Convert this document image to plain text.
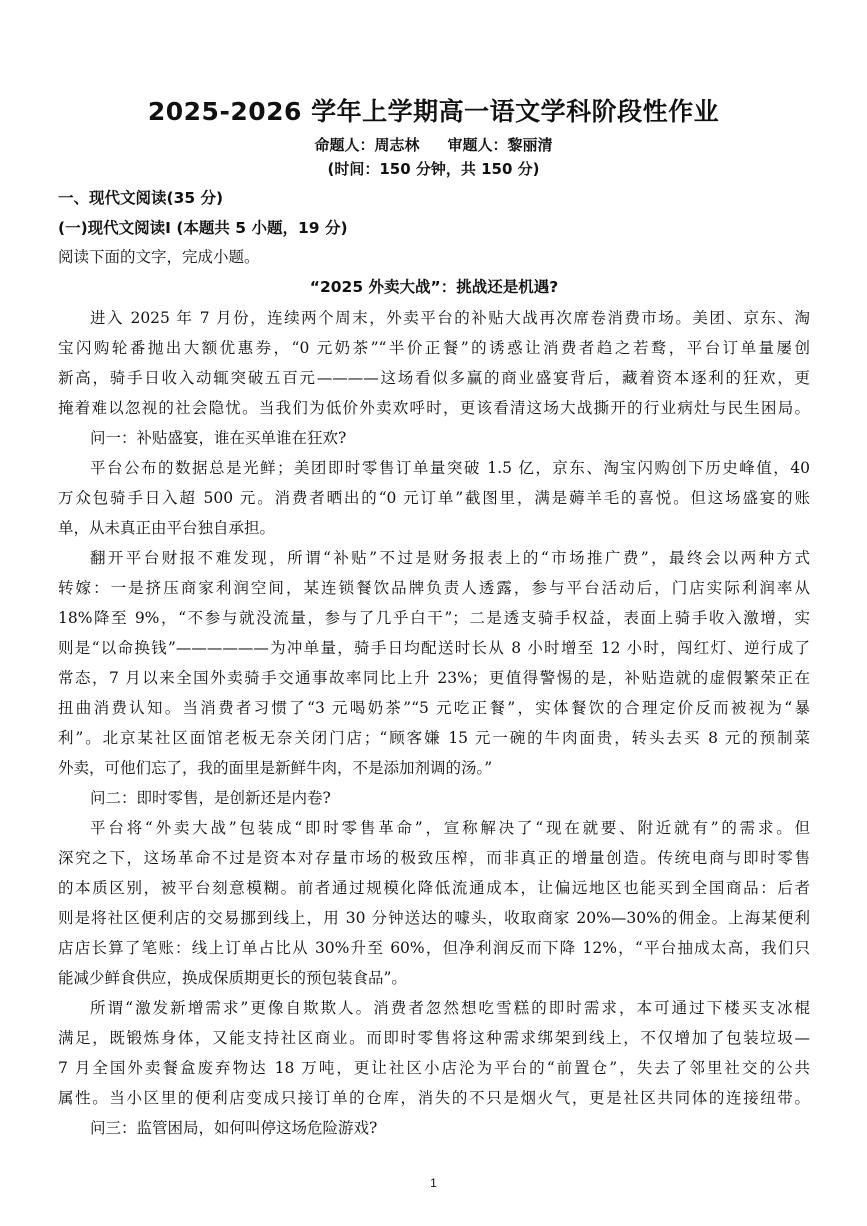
2025-2026 学年上学期高一语文学科阶段性作业
命题人：周志林 审题人：黎丽清
(时间：150 分钟，共 150 分)
一、现代文阅读(35 分)
(一)现代文阅读Ⅰ (本题共 5 小题，19 分)
阅读下面的文字，完成小题。
“2025 外卖大战”：挑战还是机遇?
进入 2025 年 7 月份，连续两个周末，外卖平台的补贴大战再次席卷消费市场。美团、京东、淘
宝闪购轮番抛出大额优惠券，“0 元奶茶”“半价正餐”的诱惑让消费者趋之若鹜，平台订单量屡创
新高，骑手日收入动辄突破五百元————这场看似多赢的商业盛宴背后，藏着资本逐利的狂欢，更
掩着难以忽视的社会隐忧。当我们为低价外卖欢呼时，更该看清这场大战撕开的行业病灶与民生困局。
问一：补贴盛宴，谁在买单谁在狂欢?
平台公布的数据总是光鲜；美团即时零售订单量突破 1.5 亿，京东、淘宝闪购创下历史峰值，40
万众包骑手日入超 500 元。消费者晒出的“0 元订单”截图里，满是薅羊毛的喜悦。但这场盛宴的账
单，从未真正由平台独自承担。
翻开平台财报不难发现，所谓“补贴”不过是财务报表上的“市场推广费”，最终会以两种方式
转嫁：一是挤压商家利润空间，某连锁餐饮品牌负责人透露，参与平台活动后，门店实际利润率从
18%降至 9%，“不参与就没流量，参与了几乎白干”；二是透支骑手权益，表面上骑手收入激增，实
则是“以命换钱”——————为冲单量，骑手日均配送时长从 8 小时增至 12 小时，闯红灯、逆行成了
常态，7 月以来全国外卖骑手交通事故率同比上升 23%；更值得警惕的是，补贴造就的虚假繁荣正在
扭曲消费认知。当消费者习惯了“3 元喝奶茶”“5 元吃正餐”，实体餐饮的合理定价反而被视为“暴
利”。北京某社区面馆老板无奈关闭门店；“顾客嫌 15 元一碗的牛肉面贵，转头去买 8 元的预制菜
外卖，可他们忘了，我的面里是新鲜牛肉，不是添加剂调的汤。”
问二：即时零售，是创新还是内卷?
平台将“外卖大战”包装成“即时零售革命”，宣称解决了“现在就要、附近就有”的需求。但
深究之下，这场革命不过是资本对存量市场的极致压榨，而非真正的增量创造。传统电商与即时零售
的本质区别，被平台刻意模糊。前者通过规模化降低流通成本，让偏远地区也能买到全国商品：后者
则是将社区便利店的交易挪到线上，用 30 分钟送达的噱头，收取商家 20%—30%的佣金。上海某便利
店店长算了笔账：线上订单占比从 30%升至 60%，但净利润反而下降 12%，“平台抽成太高，我们只
能减少鲜食供应，换成保质期更长的预包装食品”。
所谓“激发新增需求”更像自欺欺人。消费者忽然想吃雪糕的即时需求，本可通过下楼买支冰棍
满足，既锻炼身体，又能支持社区商业。而即时零售将这种需求绑架到线上，不仅增加了包装垃圾—
7 月全国外卖餐盒废弃物达 18 万吨，更让社区小店沦为平台的“前置仓”，失去了邻里社交的公共
属性。当小区里的便利店变成只接订单的仓库，消失的不只是烟火气，更是社区共同体的连接纽带。
问三：监管困局，如何叫停这场危险游戏?
1
